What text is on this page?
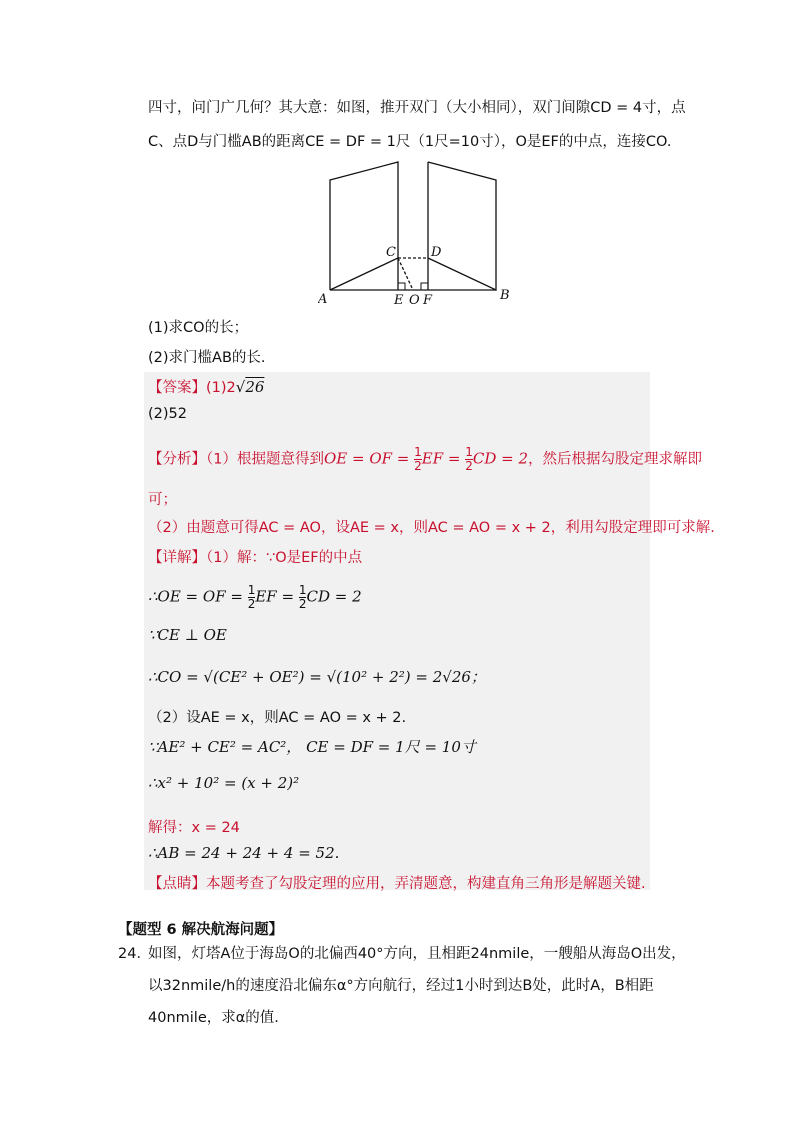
四寸，问门广几何？其大意：如图，推开双门（大小相同），双门间隙CD = 4寸，点
C、点D与门槛AB的距离CE = DF = 1尺（1尺=10寸），O是EF的中点，连接CO.
A	B
C	D
E O F
(1)求CO的长；
(2)求门槛AB的长.
【答案】(1)2√26
(2)52
【分析】（1）根据题意得到OE = OF = $\frac{1}{2}$ EF = $\frac{1}{2}$ CD = 2，然后根据勾股定理求解即
可；
（2）由题意可得AC = AO，设AE = x，则AC = AO = x + 2，利用勾股定理即可求解.
【详解】（1）解：∵O是EF的中点
∴OE = OF = $\frac{1}{2}$ EF = $\frac{1}{2}$ CD = 2
∵CE ⊥ OE
∴CO = √(CE² + OE²) = √(10² + 2²) = 2√26；
（2）设AE = x，则AC = AO = x + 2.
∵AE² + CE² = AC²， CE = DF = 1尺 = 10寸
∴x² + 10² = (x + 2)²
解得：x = 24
∴AB = 24 + 24 + 4 = 52.
【点睛】本题考查了勾股定理的应用，弄清题意，构建直角三角形是解题关键.
【题型 6 解决航海问题】
24．
如图，灯塔A位于海岛O的北偏西40°方向，且相距24nmile，一艘船从海岛O出发，
以32nmile/h的速度沿北偏东α°方向航行，经过1小时到达B处，此时A，B相距
40nmile，求α的值.
